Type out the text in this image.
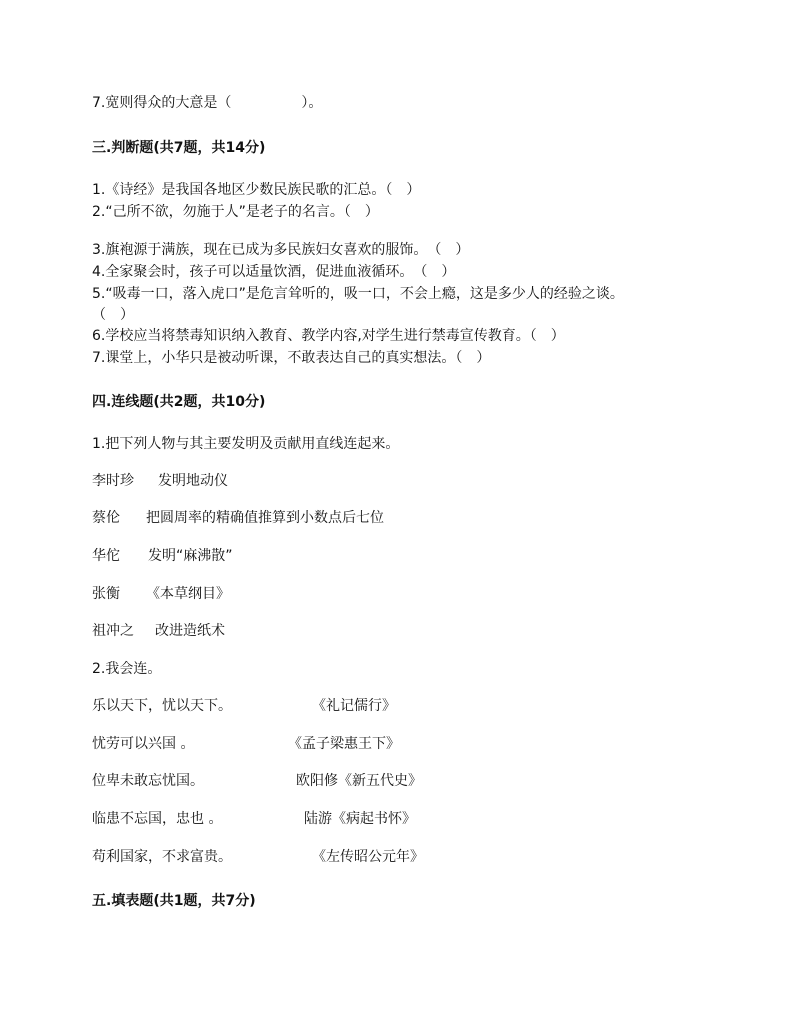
7.宽则得众的大意是（　　　　　）。
三.判断题(共7题，共14分)
1.《诗经》是我国各地区少数民族民歌的汇总。（　）
2.“己所不欲，勿施于人”是老子的名言。（　）
3.旗袍源于满族，现在已成为多民族妇女喜欢的服饰。　（　）
4.全家聚会时，孩子可以适量饮酒，促进血液循环。　（　）
5.“吸毒一口，落入虎口”是危言耸听的，吸一口，不会上瘾，这是多少人的经验之谈。
（　）
6.学校应当将禁毒知识纳入教育、教学内容,对学生进行禁毒宣传教育。（　）
7.课堂上，小华只是被动听课，不敢表达自己的真实想法。（　）
四.连线题(共2题，共10分)
1.把下列人物与其主要发明及贡献用直线连起来。
李时珍 发明地动仪
蔡伦 把圆周率的精确值推算到小数点后七位
华佗 发明“麻沸散”
张衡 《本草纲目》
祖冲之 改进造纸术
2.我会连。
乐以天下，忧以天下。	《礼记儒行》
忧劳可以兴国 。	《孟子梁惠王下》
位卑未敢忘忧国。	欧阳修《新五代史》
临患不忘国，忠也 。	陆游《病起书怀》
苟利国家，不求富贵。	《左传昭公元年》
五.填表题(共1题，共7分)
